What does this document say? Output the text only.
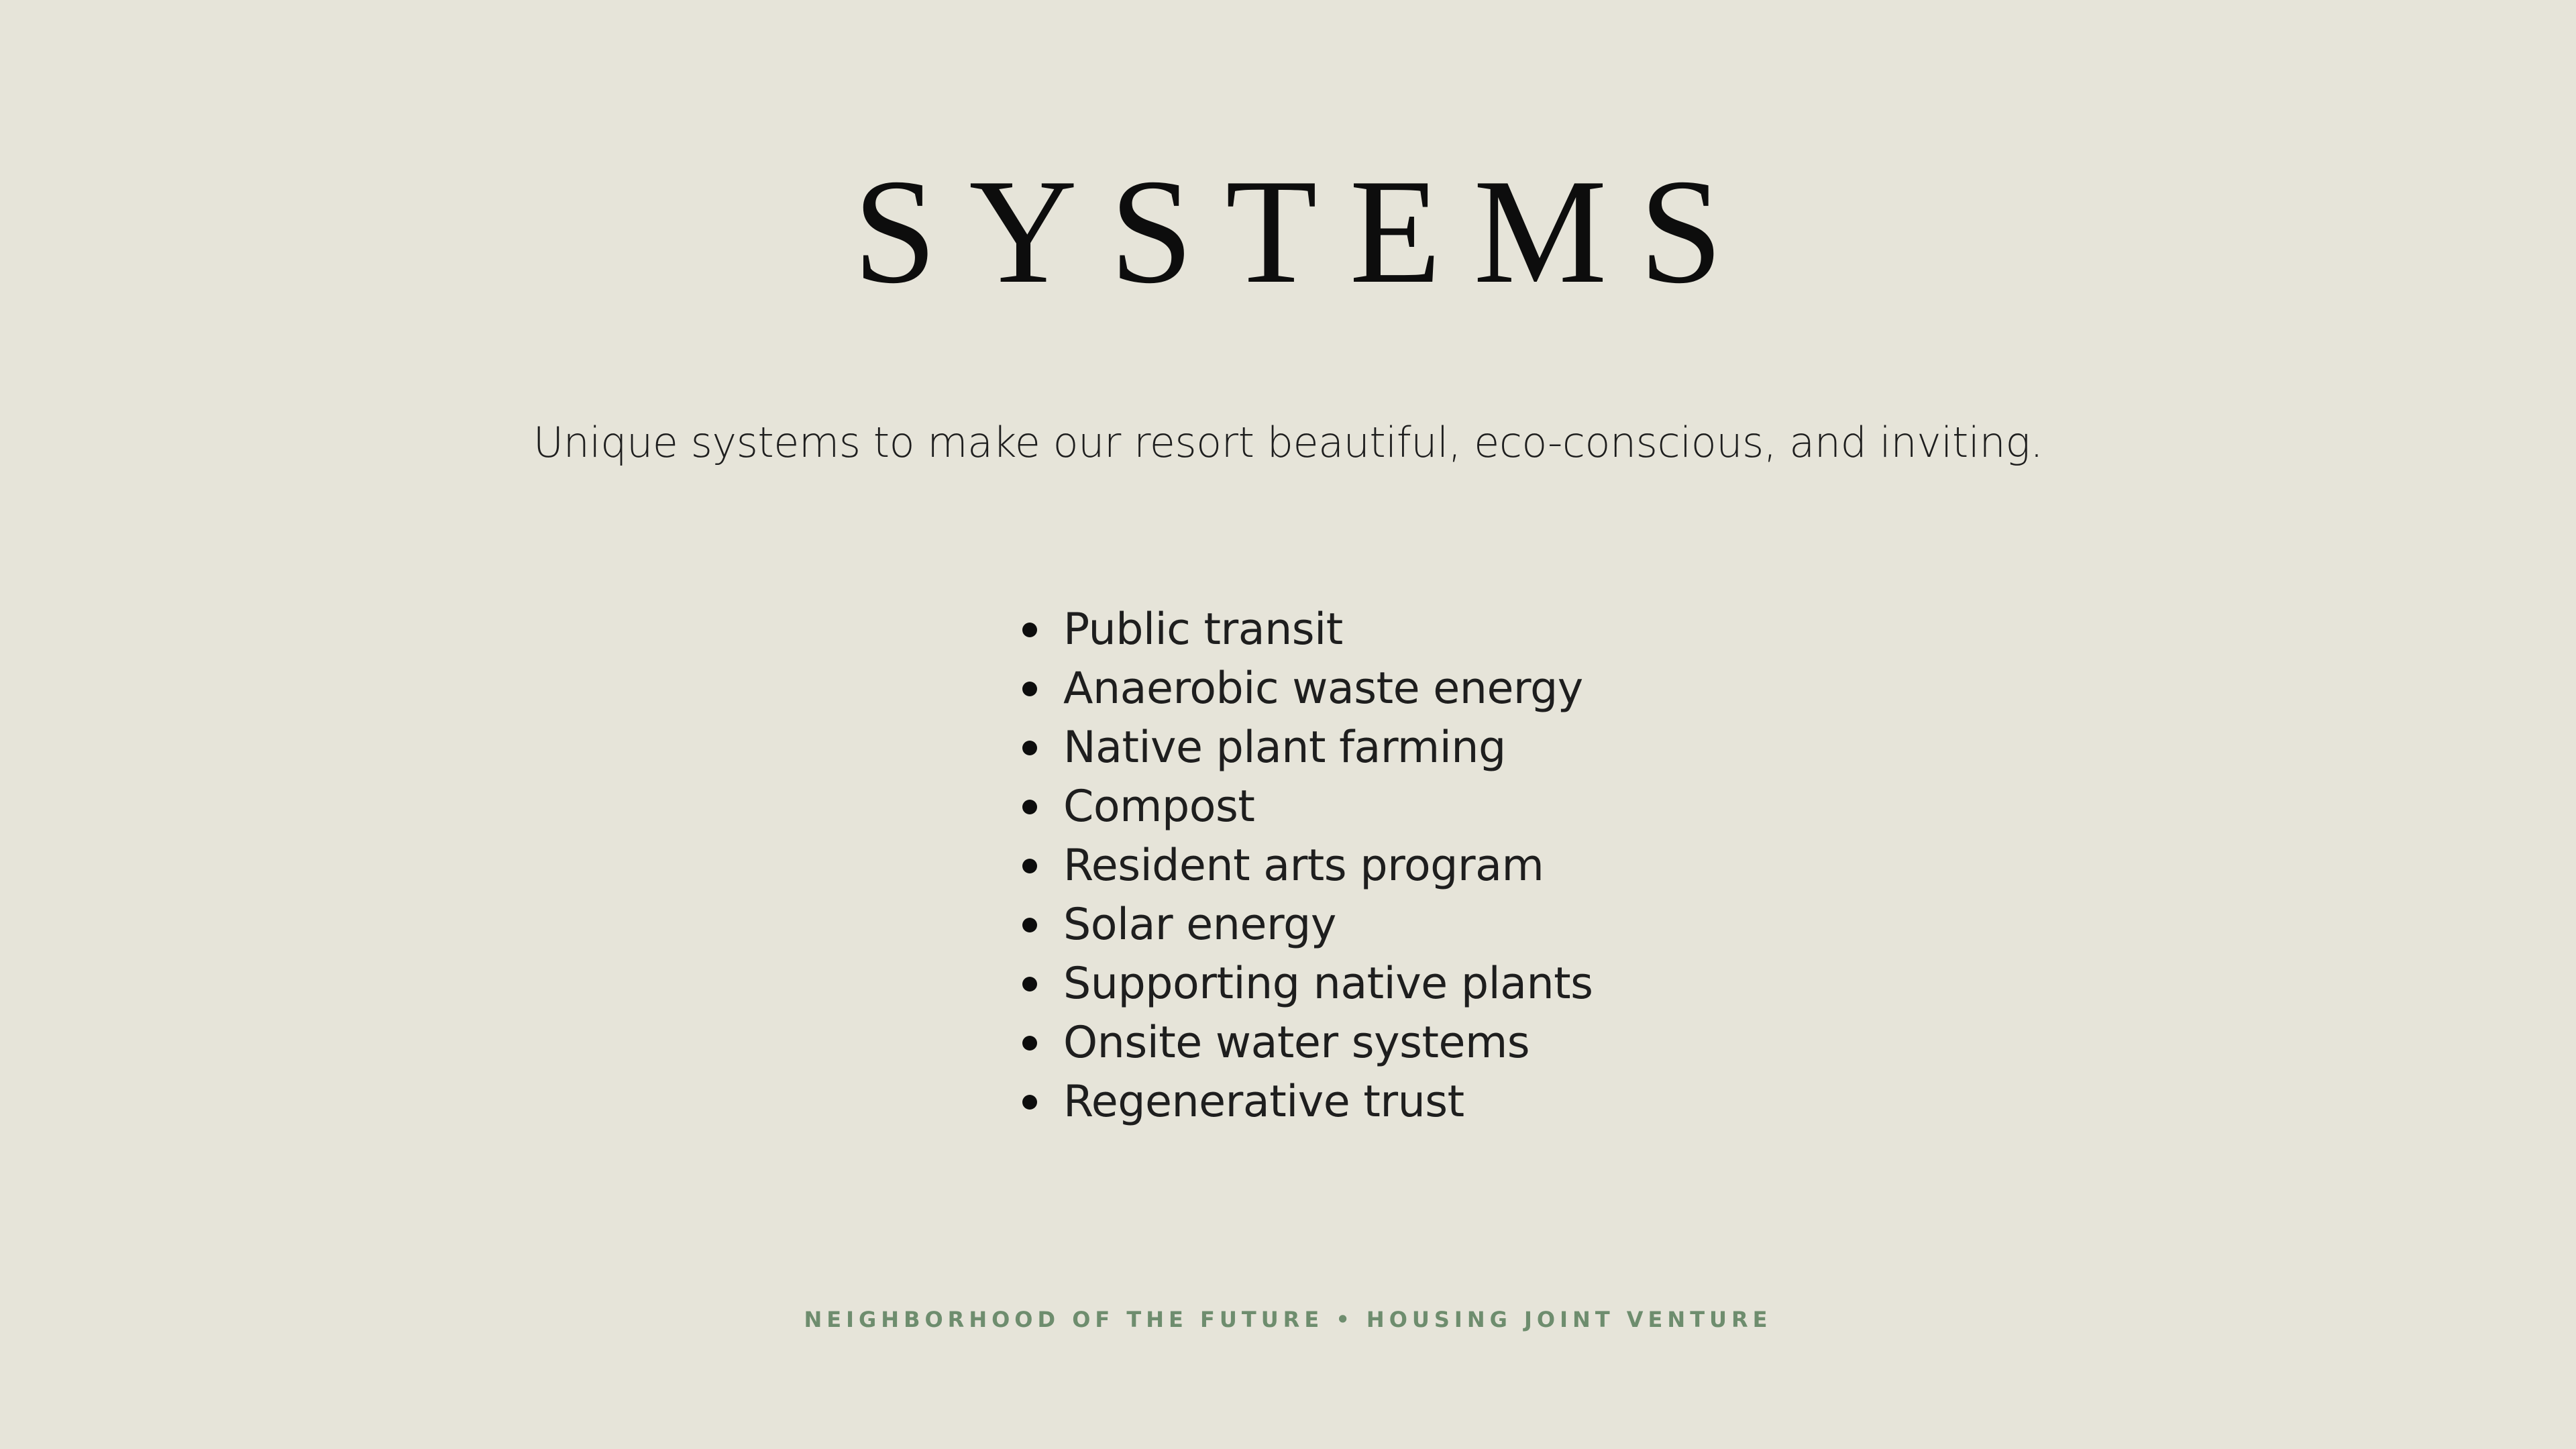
SYSTEMS

Unique systems to make our resort beautiful, eco-conscious, and inviting.

Public transit
Anaerobic waste energy
Native plant farming
Compost
Resident arts program
Solar energy
Supporting native plants
Onsite water systems
Regenerative trust
NEIGHBORHOOD OF THE FUTURE • HOUSING JOINT VENTURE
